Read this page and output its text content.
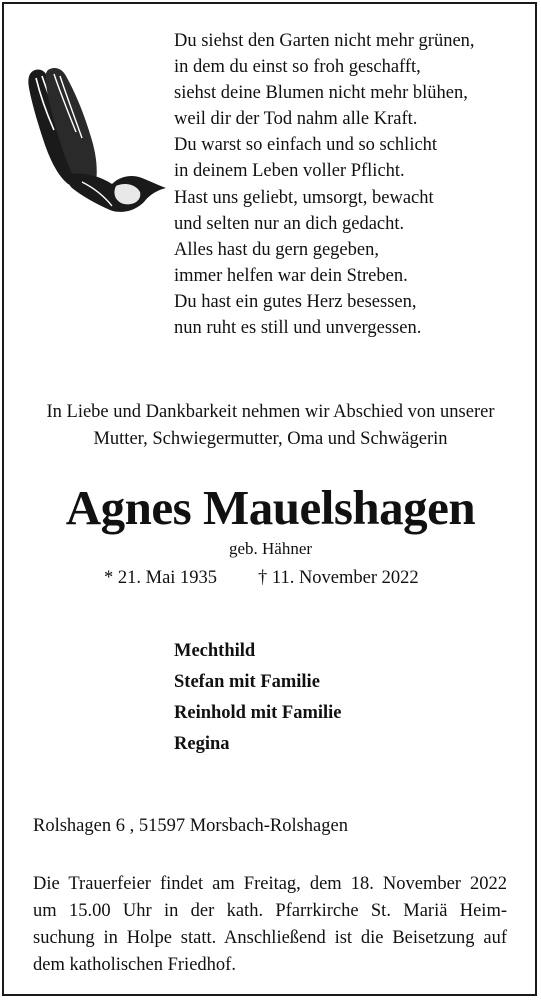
Du siehst den Garten nicht mehr grünen,
in dem du einst so froh geschafft,
siehst deine Blumen nicht mehr blühen,
weil dir der Tod nahm alle Kraft.
Du warst so einfach und so schlicht
in deinem Leben voller Pflicht.
Hast uns geliebt, umsorgt, bewacht
und selten nur an dich gedacht.
Alles hast du gern gegeben,
immer helfen war dein Streben.
Du hast ein gutes Herz besessen,
nun ruht es still und unvergessen.
In Liebe und Dankbarkeit nehmen wir Abschied von unserer
Mutter, Schwiegermutter, Oma und Schwägerin
Agnes Mauelshagen
geb. Hähner
* 21. Mai 1935 † 11. November 2022
Mechthild
Stefan mit Familie
Reinhold mit Familie
Regina
Rolshagen 6 , 51597 Morsbach-Rolshagen

Die Trauerfeier findet am Freitag, dem 18. November 2022
um 15.00 Uhr in der kath. Pfarrkirche St. Mariä Heim-
suchung in Holpe statt. Anschließend ist die Beisetzung auf
dem katholischen Friedhof.
